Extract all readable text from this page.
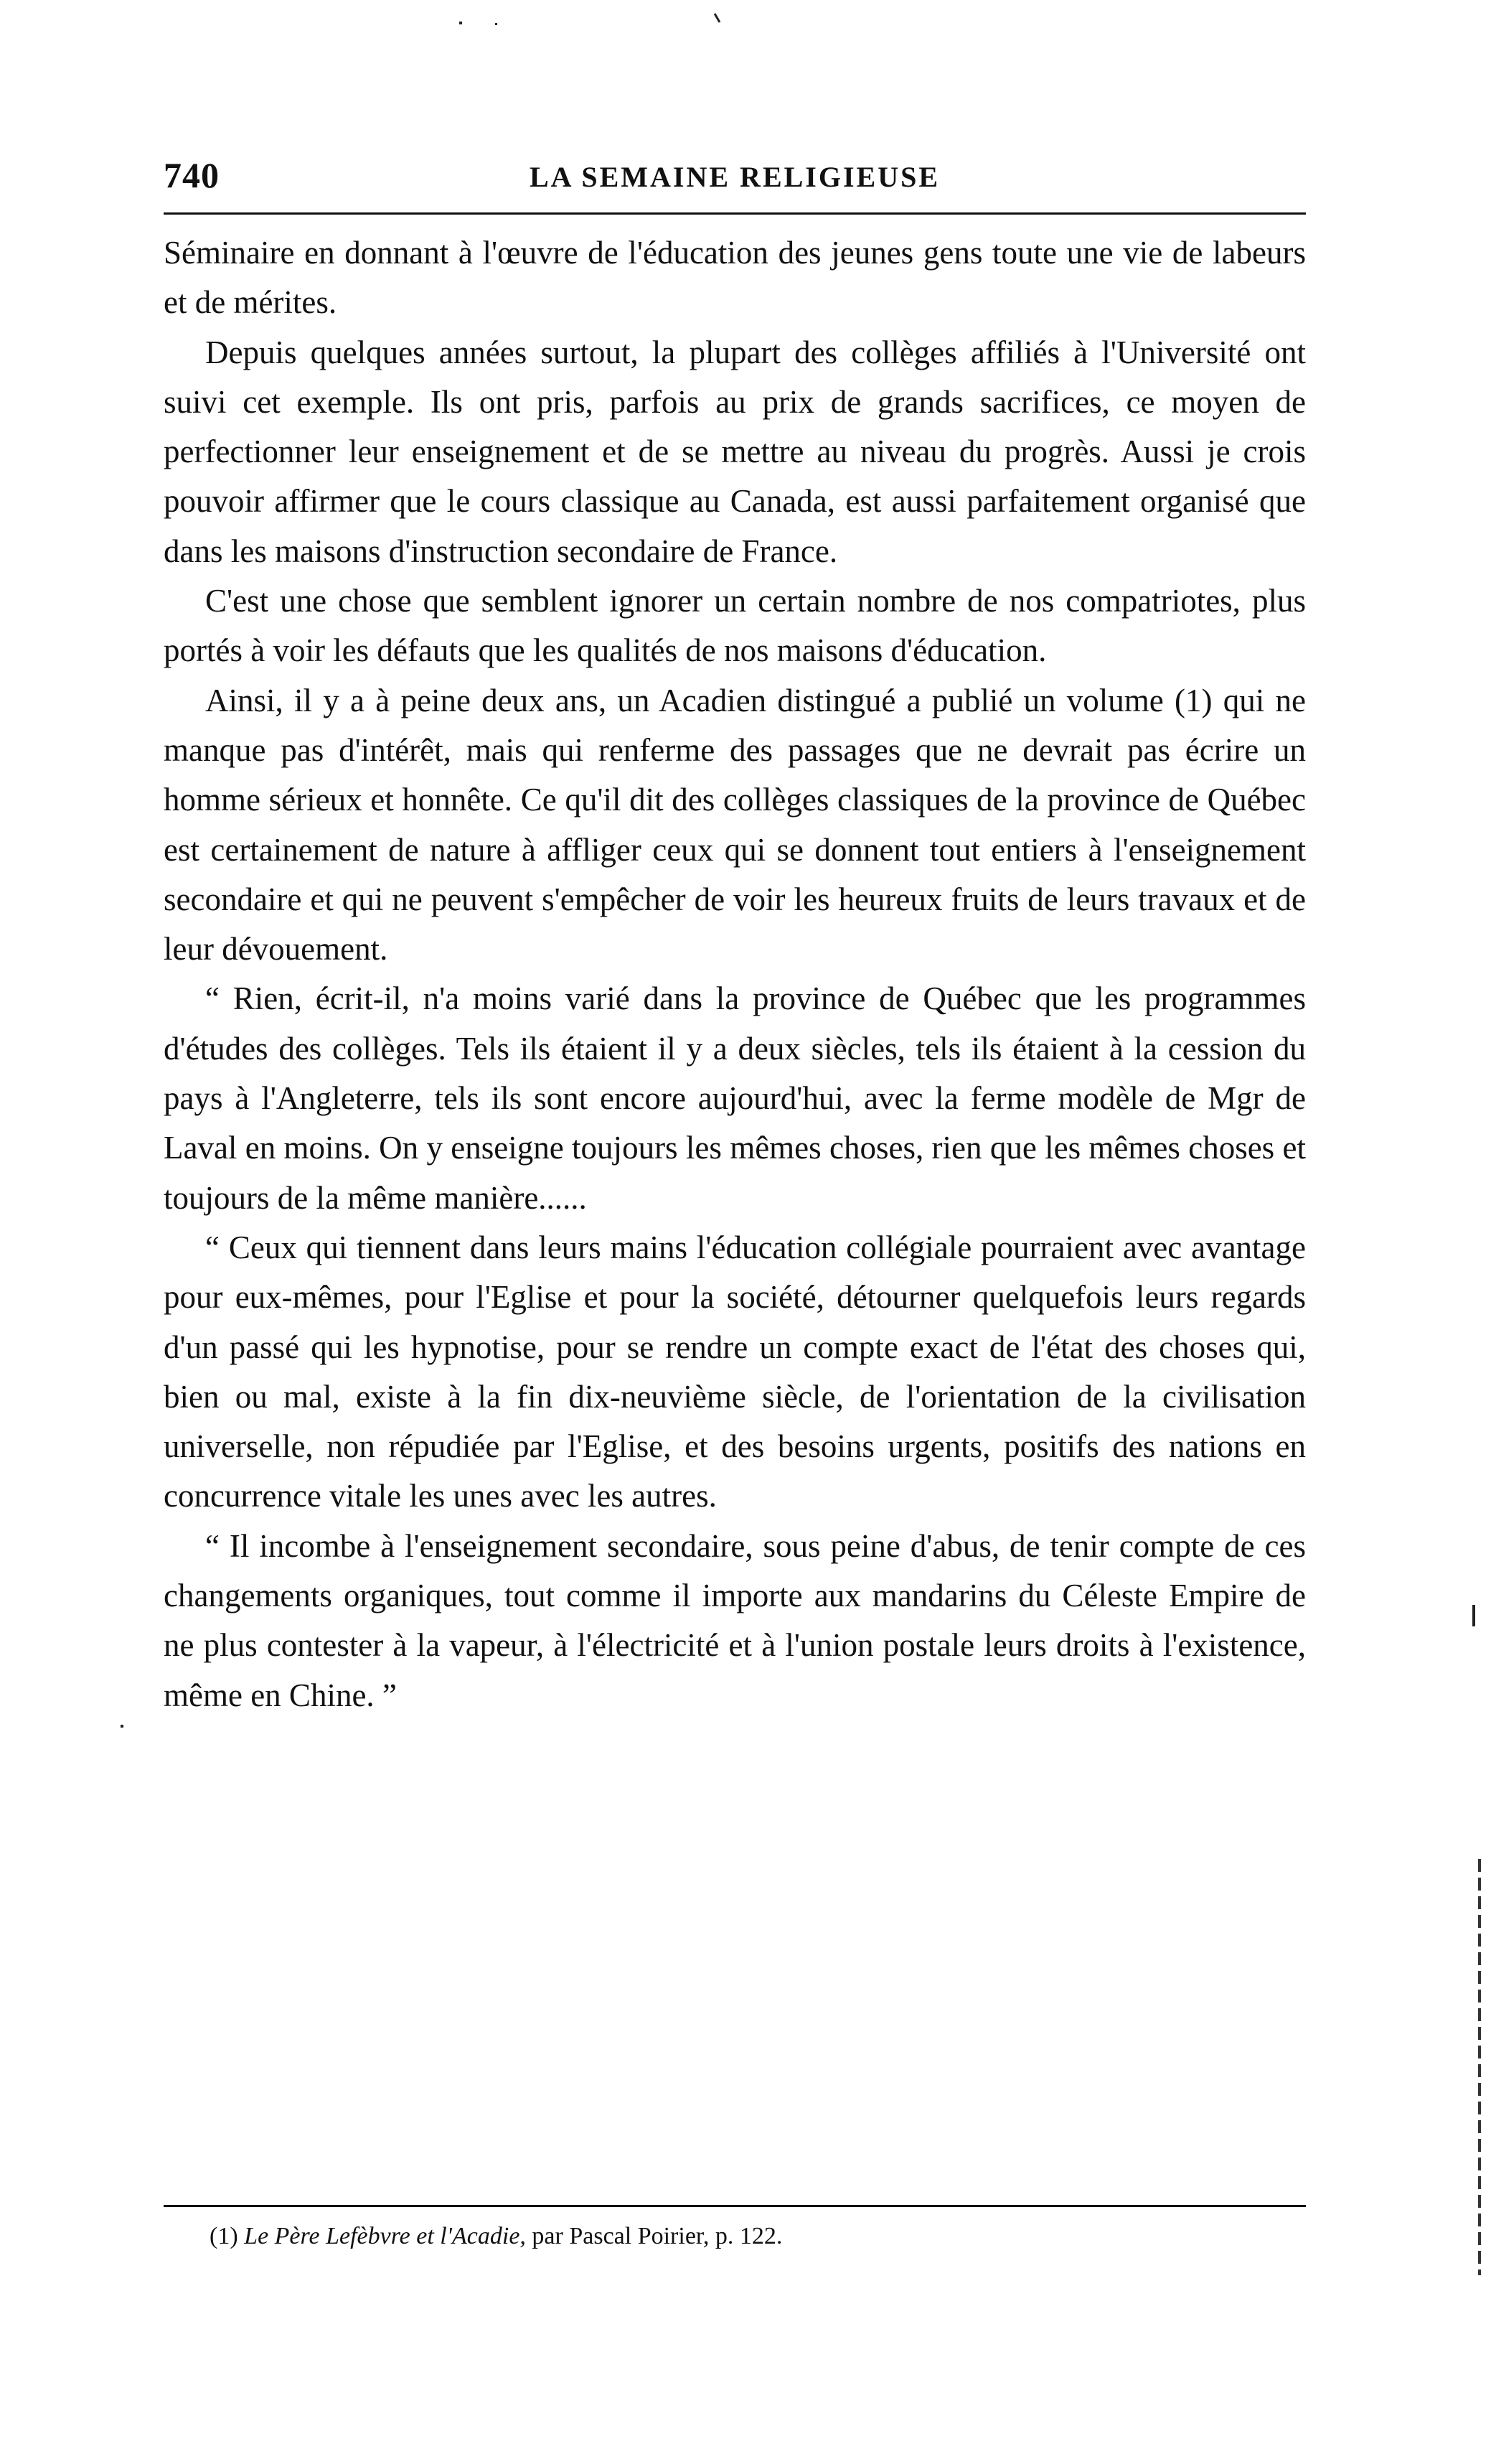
740	LA SEMAINE RELIGIEUSE

Séminaire en donnant à l'œuvre de l'éducation des jeunes gens toute une vie de labeurs et de mérites.

Depuis quelques années surtout, la plupart des collèges affiliés à l'Université ont suivi cet exemple. Ils ont pris, parfois au prix de grands sacrifices, ce moyen de perfectionner leur enseignement et de se mettre au niveau du progrès. Aussi je crois pouvoir affirmer que le cours classique au Canada, est aussi parfaitement organisé que dans les maisons d'instruction secondaire de France.

C'est une chose que semblent ignorer un certain nombre de nos compatriotes, plus portés à voir les défauts que les qualités de nos maisons d'éducation.

Ainsi, il y a à peine deux ans, un Acadien distingué a publié un volume (1) qui ne manque pas d'intérêt, mais qui renferme des passages que ne devrait pas écrire un homme sérieux et honnête. Ce qu'il dit des collèges classiques de la province de Québec est certainement de nature à affliger ceux qui se donnent tout entiers à l'enseignement secondaire et qui ne peuvent s'empêcher de voir les heureux fruits de leurs travaux et de leur dévouement.

“ Rien, écrit-il, n'a moins varié dans la province de Québec que les programmes d'études des collèges. Tels ils étaient il y a deux siècles, tels ils étaient à la cession du pays à l'Angleterre, tels ils sont encore aujourd'hui, avec la ferme modèle de Mgr de Laval en moins. On y enseigne toujours les mêmes choses, rien que les mêmes choses et toujours de la même manière......

“ Ceux qui tiennent dans leurs mains l'éducation collégiale pourraient avec avantage pour eux-mêmes, pour l'Eglise et pour la société, détourner quelquefois leurs regards d'un passé qui les hypnotise, pour se rendre un compte exact de l'état des choses qui, bien ou mal, existe à la fin dix-neuvième siècle, de l'orientation de la civilisation universelle, non répudiée par l'Eglise, et des besoins urgents, positifs des nations en concurrence vitale les unes avec les autres.

“ Il incombe à l'enseignement secondaire, sous peine d'abus, de tenir compte de ces changements organiques, tout comme il importe aux mandarins du Céleste Empire de ne plus contester à la vapeur, à l'électricité et à l'union postale leurs droits à l'existence, même en Chine. ”

(1) Le Père Lefèbvre et l'Acadie, par Pascal Poirier, p. 122.
